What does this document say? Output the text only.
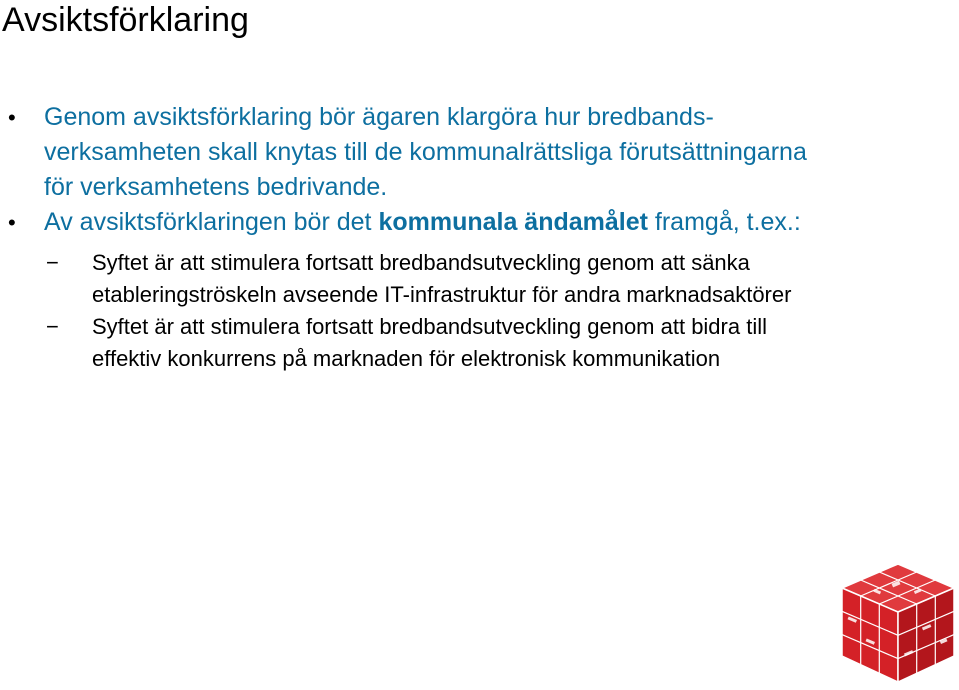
Avsiktsförklaring
• Genom avsiktsförklaring bör ägaren klargöra hur bredbands-
verksamheten skall knytas till de kommunalrättsliga förutsättningarna
för verksamhetens bedrivande.
• Av avsiktsförklaringen bör det kommunala ändamålet framgå, t.ex.:
− Syftet är att stimulera fortsatt bredbandsutveckling genom att sänka
etableringströskeln avseende IT-infrastruktur för andra marknadsaktörer
− Syftet är att stimulera fortsatt bredbandsutveckling genom att bidra till
effektiv konkurrens på marknaden för elektronisk kommunikation
